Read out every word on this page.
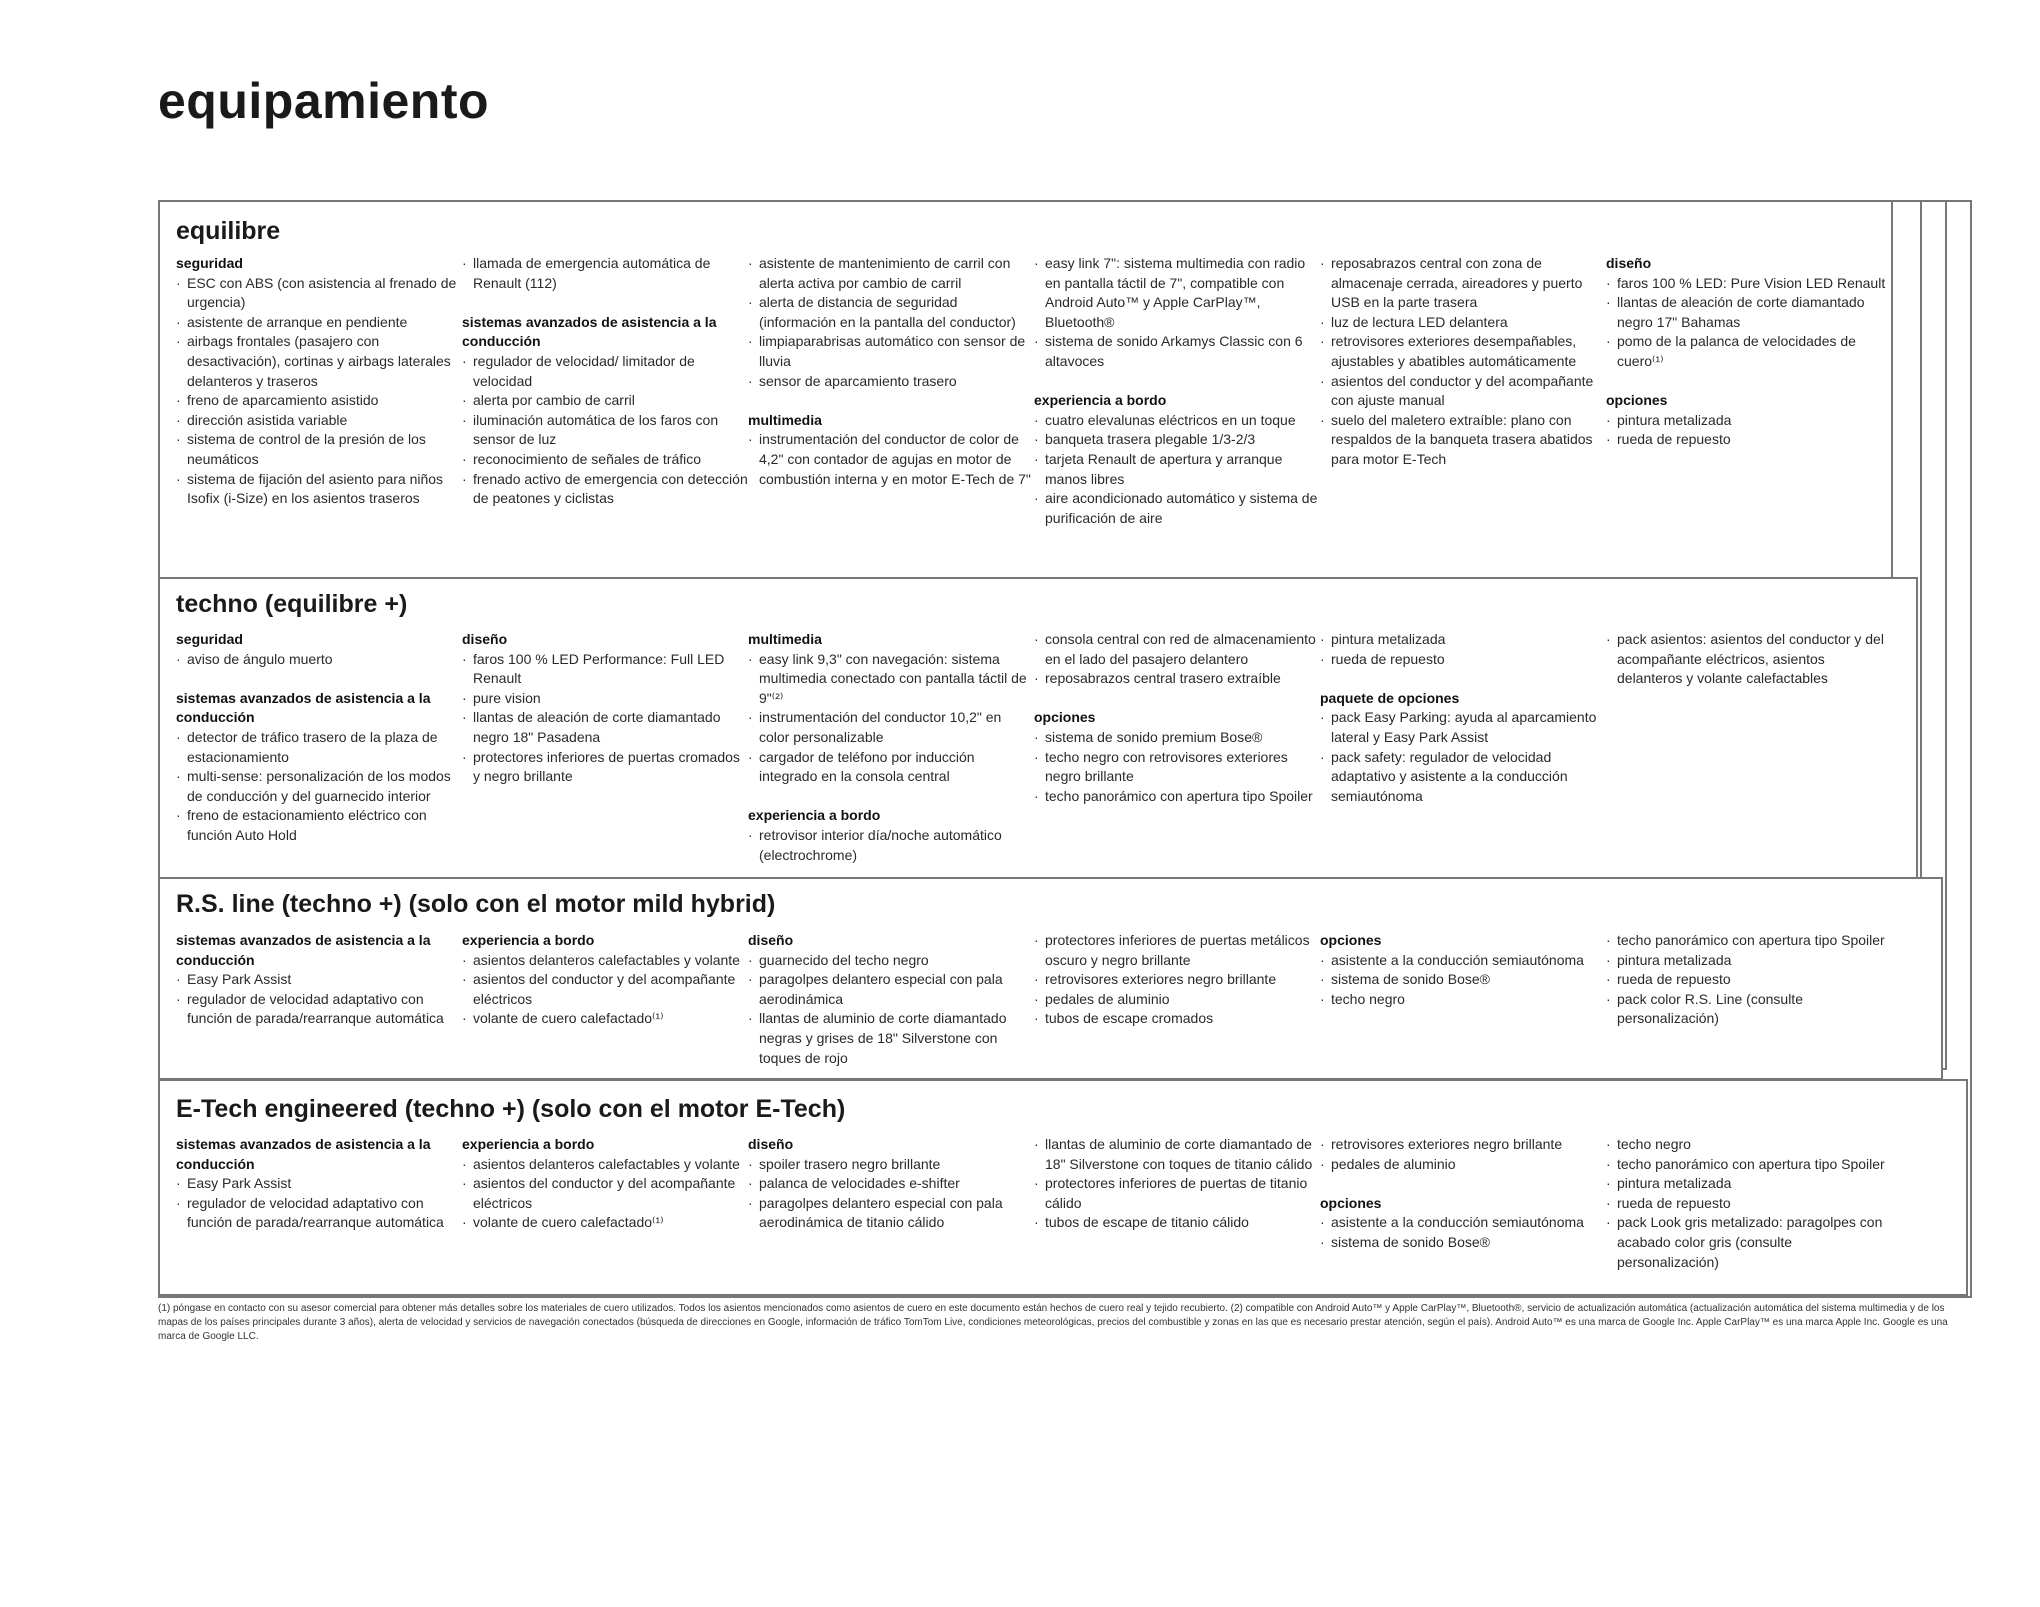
equipamiento
equilibre
seguridad
· ESC con ABS (con asistencia al frenado de urgencia)
· asistente de arranque en pendiente
· airbags frontales (pasajero con desactivación), cortinas y airbags laterales delanteros y traseros
· freno de aparcamiento asistido
· dirección asistida variable
· sistema de control de la presión de los neumáticos
· sistema de fijación del asiento para niños Isofix (i-Size) en los asientos traseros
· llamada de emergencia automática de Renault (112)
sistemas avanzados de asistencia a la conducción
· regulador de velocidad/ limitador de velocidad
· alerta por cambio de carril
· iluminación automática de los faros con sensor de luz
· reconocimiento de señales de tráfico
· frenado activo de emergencia con detección de peatones y ciclistas
· asistente de mantenimiento de carril con alerta activa por cambio de carril
· alerta de distancia de seguridad (información en la pantalla del conductor)
· limpiaparabrisas automático con sensor de lluvia
· sensor de aparcamiento trasero
multimedia
· instrumentación del conductor de color de 4,2" con contador de agujas en motor de combustión interna y en motor E-Tech de 7"
· easy link 7": sistema multimedia con radio en pantalla táctil de 7", compatible con Android Auto™ y Apple CarPlay™, Bluetooth®
· sistema de sonido Arkamys Classic con 6 altavoces
experiencia a bordo
· cuatro elevalunas eléctricos en un toque
· banqueta trasera plegable 1/3-2/3
· tarjeta Renault de apertura y arranque manos libres
· aire acondicionado automático y sistema de purificación de aire
· reposabrazos central con zona de almacenaje cerrada, aireadores y puerto USB en la parte trasera
· luz de lectura LED delantera
· retrovisores exteriores desempañables, ajustables y abatibles automáticamente
· asientos del conductor y del acompañante con ajuste manual
· suelo del maletero extraíble: plano con respaldos de la banqueta trasera abatidos para motor E-Tech
diseño
· faros 100 % LED: Pure Vision LED Renault
· llantas de aleación de corte diamantado negro 17" Bahamas
· pomo de la palanca de velocidades de cuero⁽¹⁾
opciones
· pintura metalizada
· rueda de repuesto
techno (equilibre +)
seguridad
· aviso de ángulo muerto
sistemas avanzados de asistencia a la conducción
· detector de tráfico trasero de la plaza de estacionamiento
· multi-sense: personalización de los modos de conducción y del guarnecido interior
· freno de estacionamiento eléctrico con función Auto Hold
diseño
· faros 100 % LED Performance: Full LED Renault
· pure vision
· llantas de aleación de corte diamantado negro 18" Pasadena
· protectores inferiores de puertas cromados y negro brillante
multimedia
· easy link 9,3" con navegación: sistema multimedia conectado con pantalla táctil de 9"⁽²⁾
· instrumentación del conductor 10,2" en color personalizable
· cargador de teléfono por inducción integrado en la consola central
experiencia a bordo
· retrovisor interior día/noche automático (electrochrome)
· consola central con red de almacenamiento en el lado del pasajero delantero
· reposabrazos central trasero extraíble
opciones
· sistema de sonido premium Bose®
· techo negro con retrovisores exteriores negro brillante
· techo panorámico con apertura tipo Spoiler
· pintura metalizada
· rueda de repuesto
paquete de opciones
· pack Easy Parking: ayuda al aparcamiento lateral y Easy Park Assist
· pack safety: regulador de velocidad adaptativo y asistente a la conducción semiautónoma
· pack asientos: asientos del conductor y del acompañante eléctricos, asientos delanteros y volante calefactables
R.S. line (techno +) (solo con el motor mild hybrid)
sistemas avanzados de asistencia a la conducción
· Easy Park Assist
· regulador de velocidad adaptativo con función de parada/rearranque automática
experiencia a bordo
· asientos delanteros calefactables y volante
· asientos del conductor y del acompañante eléctricos
· volante de cuero calefactado⁽¹⁾
diseño
· guarnecido del techo negro
· paragolpes delantero especial con pala aerodinámica
· llantas de aluminio de corte diamantado negras y grises de 18" Silverstone con toques de rojo
· protectores inferiores de puertas metálicos oscuro y negro brillante
· retrovisores exteriores negro brillante
· pedales de aluminio
· tubos de escape cromados
opciones
· asistente a la conducción semiautónoma
· sistema de sonido Bose®
· techo negro
· techo panorámico con apertura tipo Spoiler
· pintura metalizada
· rueda de repuesto
· pack color R.S. Line (consulte personalización)
E-Tech engineered (techno +) (solo con el motor E-Tech)
sistemas avanzados de asistencia a la conducción
· Easy Park Assist
· regulador de velocidad adaptativo con función de parada/rearranque automática
experiencia a bordo
· asientos delanteros calefactables y volante
· asientos del conductor y del acompañante eléctricos
· volante de cuero calefactado⁽¹⁾
diseño
· spoiler trasero negro brillante
· palanca de velocidades e-shifter
· paragolpes delantero especial con pala aerodinámica de titanio cálido
· llantas de aluminio de corte diamantado de 18" Silverstone con toques de titanio cálido
· protectores inferiores de puertas de titanio cálido
· tubos de escape de titanio cálido
· retrovisores exteriores negro brillante
· pedales de aluminio
opciones
· asistente a la conducción semiautónoma
· sistema de sonido Bose®
· techo negro
· techo panorámico con apertura tipo Spoiler
· pintura metalizada
· rueda de repuesto
· pack Look gris metalizado: paragolpes con acabado color gris (consulte personalización)

(1) póngase en contacto con su asesor comercial para obtener más detalles sobre los materiales de cuero utilizados. Todos los asientos mencionados como asientos de cuero en este documento están hechos de cuero real y tejido recubierto. (2) compatible con Android Auto™ y Apple CarPlay™, Bluetooth®, servicio de actualización automática (actualización automática del sistema multimedia y de los mapas de los países principales durante 3 años), alerta de velocidad y servicios de navegación conectados (búsqueda de direcciones en Google, información de tráfico TomTom Live, condiciones meteorológicas, precios del combustible y zonas en las que es necesario prestar atención, según el país). Android Auto™ es una marca de Google Inc. Apple CarPlay™ es una marca Apple Inc. Google es una marca de Google LLC.
